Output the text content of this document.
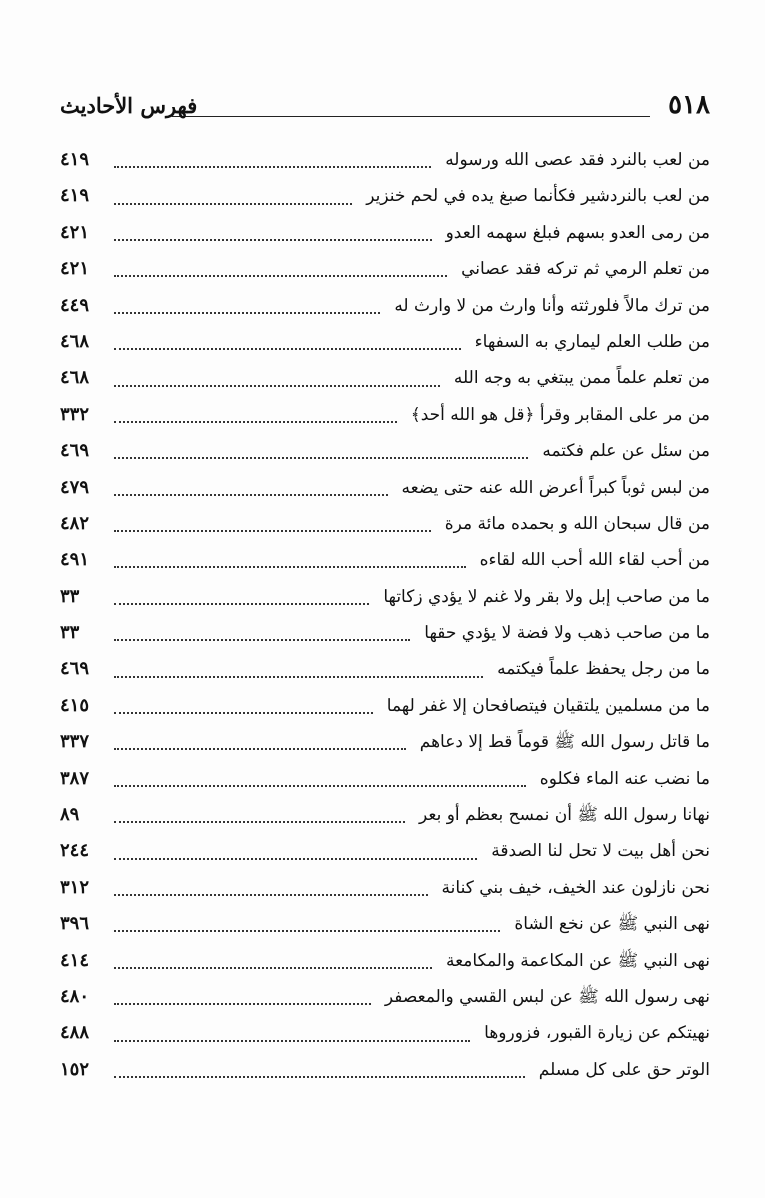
٥١٨
فهرس الأحاديث
من لعب بالنرد فقد عصى الله ورسوله
٤١٩
من لعب بالنردشير فكأنما صبغ يده في لحم خنزير
٤١٩
من رمى العدو بسهم فبلغ سهمه العدو
٤٢١
من تعلم الرمي ثم تركه فقد عصاني
٤٢١
من ترك مالاً فلورثته وأنا وارث من لا وارث له
٤٤٩
من طلب العلم ليماري به السفهاء
٤٦٨
من تعلم علماً ممن يبتغي به وجه الله
٤٦٨
من مر على المقابر وقرأ ﴿قل هو الله أحد﴾
٣٣٢
من سئل عن علم فكتمه
٤٦٩
من لبس ثوباً كبراً أعرض الله عنه حتى يضعه
٤٧٩
من قال سبحان الله و بحمده مائة مرة
٤٨٢
من أحب لقاء الله أحب الله لقاءه
٤٩١
ما من صاحب إبل ولا بقر ولا غنم لا يؤدي زكاتها
٣٣
ما من صاحب ذهب ولا فضة لا يؤدي حقها
٣٣
ما من رجل يحفظ علماً فيكتمه
٤٦٩
ما من مسلمين يلتقيان فيتصافحان إلا غفر لهما
٤١٥
ما قاتل رسول الله ﷺ قوماً قط إلا دعاهم
٣٣٧
ما نضب عنه الماء فكلوه
٣٨٧
نهانا رسول الله ﷺ أن نمسح بعظم أو بعر
٨٩
نحن أهل بيت لا تحل لنا الصدقة
٢٤٤
نحن نازلون عند الخيف، خيف بني كنانة
٣١٢
نهى النبي ﷺ عن نخع الشاة
٣٩٦
نهى النبي ﷺ عن المكاعمة والمكامعة
٤١٤
نهى رسول الله ﷺ عن لبس القسي والمعصفر
٤٨٠
نهيتكم عن زيارة القبور، فزوروها
٤٨٨
الوتر حق على كل مسلم
١٥٢
